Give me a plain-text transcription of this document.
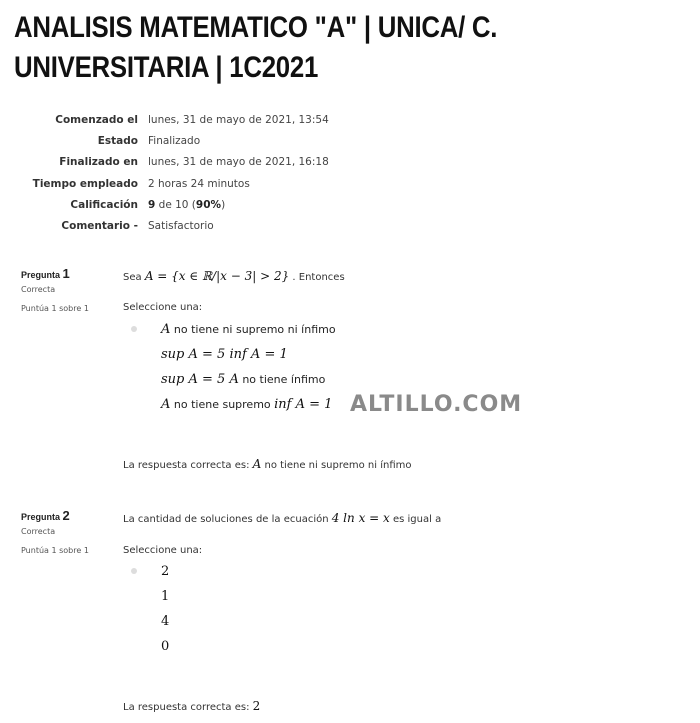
ANALISIS MATEMATICO "A" | UNICA/ C. UNIVERSITARIA | 1C2021
Comenzado el	lunes, 31 de mayo de 2021, 13:54
Estado	Finalizado
Finalizado en	lunes, 31 de mayo de 2021, 16:18
Tiempo empleado	2 horas 24 minutos
Calificación	9 de 10 (90%)
Comentario -	Satisfactorio
Pregunta 1
Correcta
Puntúa 1 sobre 1
Sea A = {x ∈ ℝ/|x − 3| > 2} . Entonces
Seleccione una:
A no tiene ni supremo ni ínfimo
sup A = 5 inf A = 1
sup A = 5 A no tiene ínfimo
A no tiene supremo inf A = 1 ALTILLO.COM
La respuesta correcta es: A no tiene ni supremo ni ínfimo
Pregunta 2
Correcta
Puntúa 1 sobre 1
La cantidad de soluciones de la ecuación 4 ln x = x es igual a
Seleccione una:
2
1
4
0
La respuesta correcta es: 2
